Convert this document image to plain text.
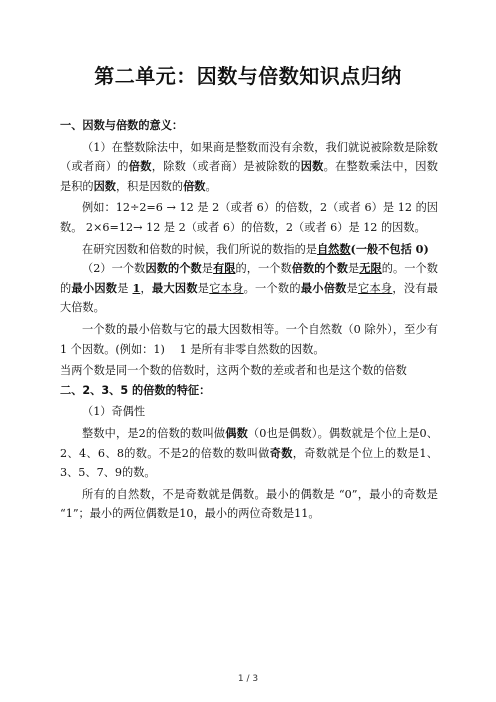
第二单元：因数与倍数知识点归纳

一、因数与倍数的意义：

（1）在整数除法中，如果商是整数而没有余数，我们就说被除数是除数（或者商）的倍数，除数（或者商）是被除数的因数。在整数乘法中，因数是积的因数，积是因数的倍数。

例如：12÷2=6 → 12 是 2（或者 6）的倍数，2（或者 6）是 12 的因数。 2×6=12→ 12 是 2（或者 6）的倍数，2（或者 6）是 12 的因数。

在研究因数和倍数的时候，我们所说的数指的是自然数(一般不包括 0)

（2）一个数因数的个数是有限的，一个数倍数的个数是无限的。一个数的最小因数是 1，最大因数是它本身。一个数的最小倍数是它本身，没有最大倍数。

一个数的最小倍数与它的最大因数相等。一个自然数（0 除外），至少有 1 个因数。(例如：1)　 1 是所有非零自然数的因数。

当两个数是同一个数的倍数时，这两个数的差或者和也是这个数的倍数

二、2、3、5 的倍数的特征：

（1）奇偶性

整数中，是2的倍数的数叫做偶数（0也是偶数）。偶数就是个位上是0、2、4、6、8的数。不是2的倍数的数叫做奇数，奇数就是个位上的数是1、3、5、7、9的数。

所有的自然数，不是奇数就是偶数。最小的偶数是 “0”，最小的奇数是 “1”；最小的两位偶数是10，最小的两位奇数是11。

1 / 3
